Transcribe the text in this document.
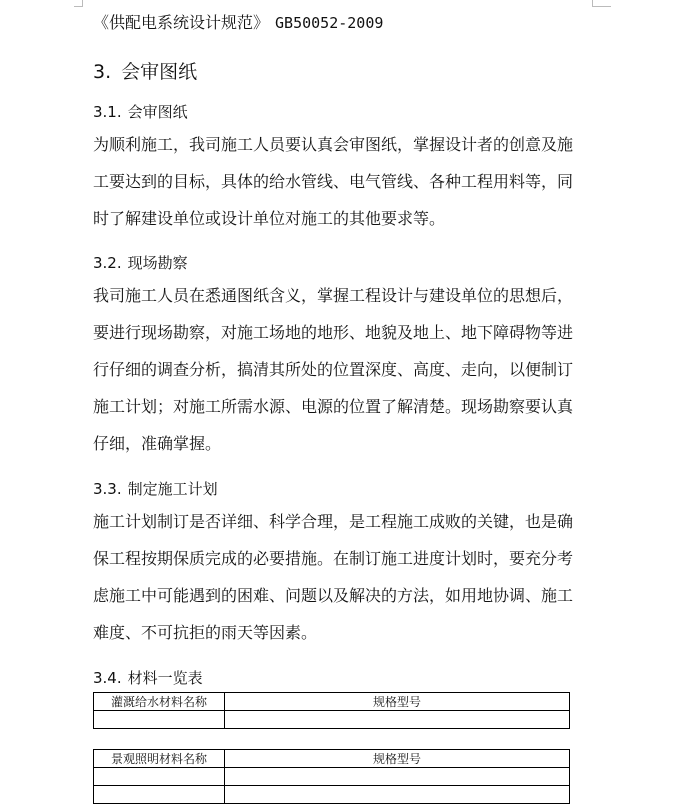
《供配电系统设计规范》 GB50052-2009
3. 会审图纸
3.1. 会审图纸
为顺利施工，我司施工人员要认真会审图纸，掌握设计者的创意及施
工要达到的目标，具体的给水管线、电气管线、各种工程用料等，同
时了解建设单位或设计单位对施工的其他要求等。
3.2. 现场勘察
我司施工人员在悉通图纸含义，掌握工程设计与建设单位的思想后，
要进行现场勘察，对施工场地的地形、地貌及地上、地下障碍物等进
行仔细的调查分析，搞清其所处的位置深度、高度、走向，以便制订
施工计划；对施工所需水源、电源的位置了解清楚。现场勘察要认真
仔细，准确掌握。
3.3. 制定施工计划
施工计划制订是否详细、科学合理，是工程施工成败的关键，也是确
保工程按期保质完成的必要措施。在制订施工进度计划时，要充分考
虑施工中可能遇到的困难、问题以及解决的方法，如用地协调、施工
难度、不可抗拒的雨天等因素。
3.4. 材料一览表
灌溉给水材料名称	规格型号

景观照明材料名称	规格型号
